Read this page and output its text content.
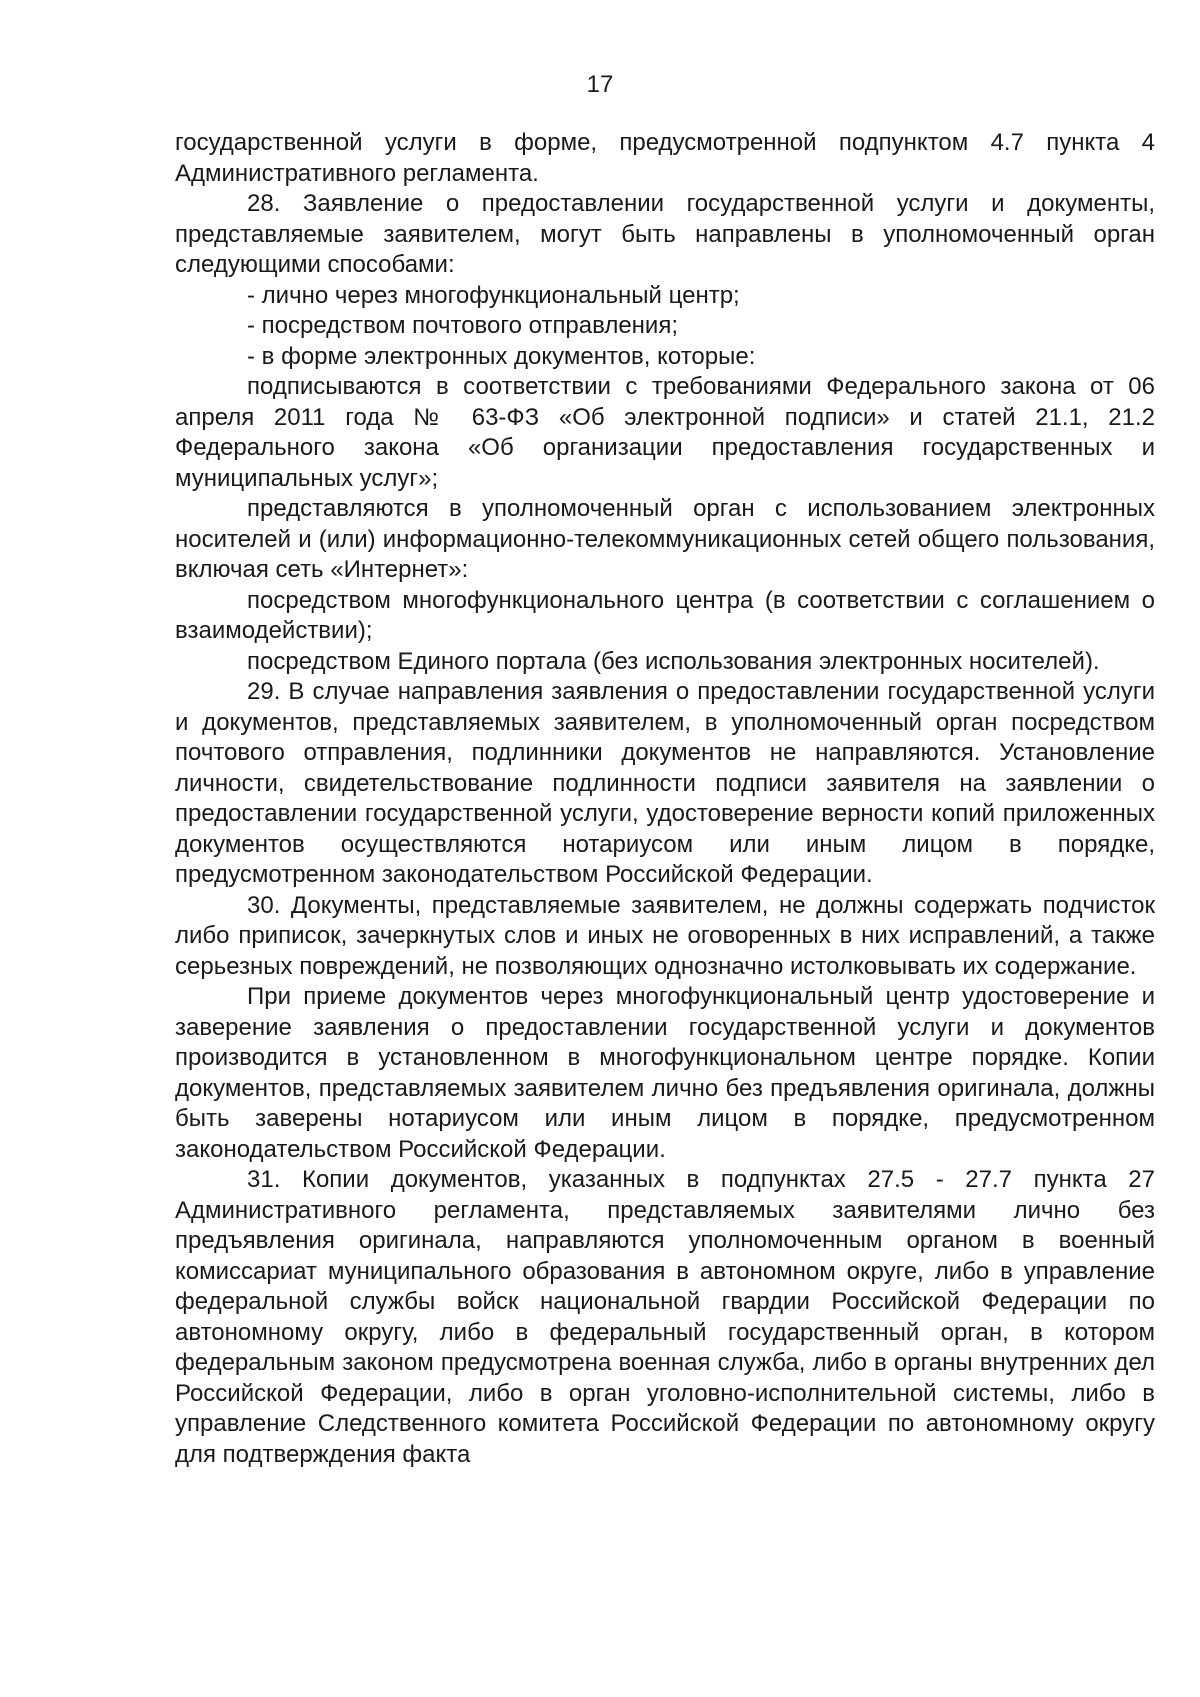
17

государственной услуги в форме, предусмотренной подпунктом 4.7 пункта 4 Административного регламента.

28. Заявление о предоставлении государственной услуги и документы, представляемые заявителем, могут быть направлены в уполномоченный орган следующими способами:

- лично через многофункциональный центр;

- посредством почтового отправления;

- в форме электронных документов, которые:

подписываются в соответствии с требованиями Федерального закона от 06 апреля 2011 года № 63-ФЗ «Об электронной подписи» и статей 21.1, 21.2 Федерального закона «Об организации предоставления государственных и муниципальных услуг»;

представляются в уполномоченный орган с использованием электронных носителей и (или) информационно-телекоммуникационных сетей общего пользования, включая сеть «Интернет»:

посредством многофункционального центра (в соответствии с соглашением о взаимодействии);

посредством Единого портала (без использования электронных носителей).

29. В случае направления заявления о предоставлении государственной услуги и документов, представляемых заявителем, в уполномоченный орган посредством почтового отправления, подлинники документов не направляются. Установление личности, свидетельствование подлинности подписи заявителя на заявлении о предоставлении государственной услуги, удостоверение верности копий приложенных документов осуществляются нотариусом или иным лицом в порядке, предусмотренном законодательством Российской Федерации.

30. Документы, представляемые заявителем, не должны содержать подчисток либо приписок, зачеркнутых слов и иных не оговоренных в них исправлений, а также серьезных повреждений, не позволяющих однозначно истолковывать их содержание.

При приеме документов через многофункциональный центр удостоверение и заверение заявления о предоставлении государственной услуги и документов производится в установленном в многофункциональном центре порядке. Копии документов, представляемых заявителем лично без предъявления оригинала, должны быть заверены нотариусом или иным лицом в порядке, предусмотренном законодательством Российской Федерации.

31. Копии документов, указанных в подпунктах 27.5 - 27.7 пункта 27 Административного регламента, представляемых заявителями лично без предъявления оригинала, направляются уполномоченным органом в военный комиссариат муниципального образования в автономном округе, либо в управление федеральной службы войск национальной гвардии Российской Федерации по автономному округу, либо в федеральный государственный орган, в котором федеральным законом предусмотрена военная служба, либо в органы внутренних дел Российской Федерации, либо в орган уголовно-исполнительной системы, либо в управление Следственного комитета Российской Федерации по автономному округу для подтверждения факта
